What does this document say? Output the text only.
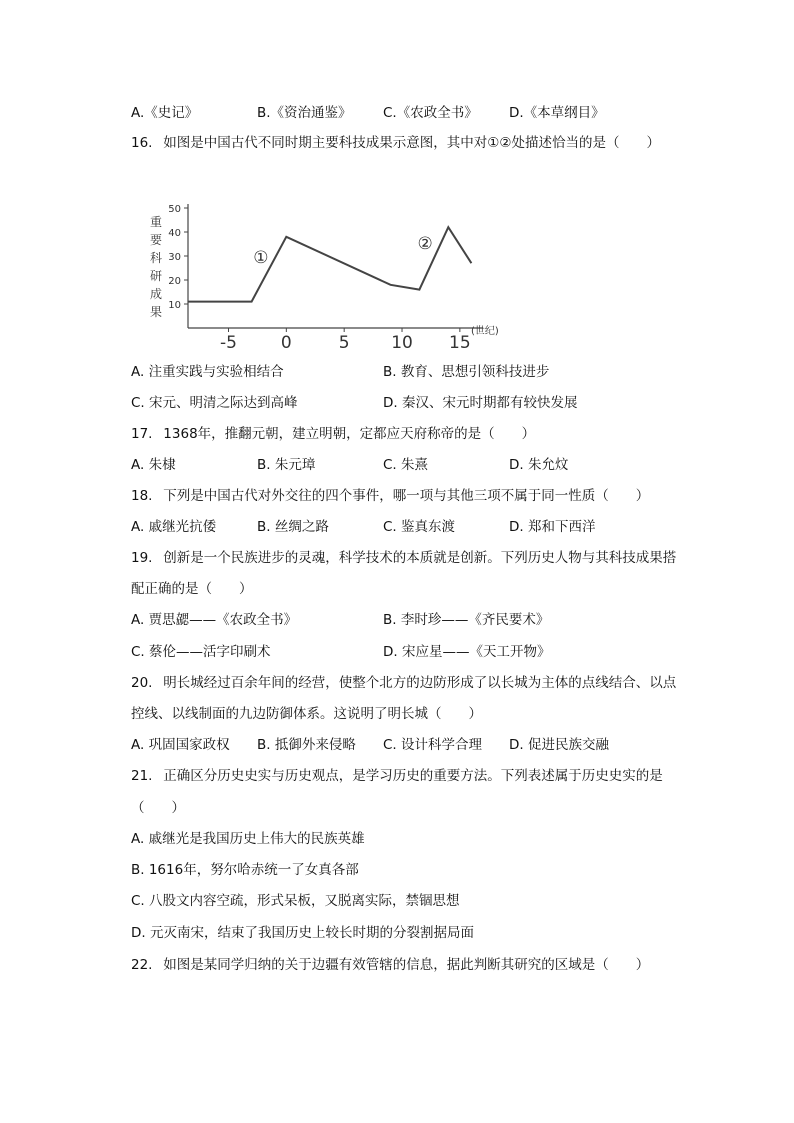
A.《史记》	B.《资治通鉴》 C.《农政全书》 D.《本草纲目》
16. 如图是中国古代不同时期主要科技成果示意图，其中对①②处描述恰当的是（　　）
10
20
30
40
50
-5	0	5 10 15
(世纪)
重
要
科
研
成
果
①
②
A. 注重实践与实验相结合	B. 教育、思想引领科技进步
C. 宋元、明清之际达到高峰	D. 秦汉、宋元时期都有较快发展
17. 1368年，推翻元朝，建立明朝，定都应天府称帝的是（　　）
A. 朱棣	B. 朱元璋	C. 朱熹	D. 朱允炆
18. 下列是中国古代对外交往的四个事件，哪一项与其他三项不属于同一性质（　　）
A. 戚继光抗倭	B. 丝绸之路	C. 鉴真东渡	D. 郑和下西洋
19. 创新是一个民族进步的灵魂，科学技术的本质就是创新。下列历史人物与其科技成果搭
配正确的是（　　）
A. 贾思勰——《农政全书》	B. 李时珍——《齐民要术》
C. 蔡伦——活字印刷术	D. 宋应星——《天工开物》
20. 明长城经过百余年间的经营，使整个北方的边防形成了以长城为主体的点线结合、以点
控线、以线制面的九边防御体系。这说明了明长城（　　）
A. 巩固国家政权 B. 抵御外来侵略 C. 设计科学合理 D. 促进民族交融
21. 正确区分历史史实与历史观点，是学习历史的重要方法。下列表述属于历史史实的是
（　　）
A. 戚继光是我国历史上伟大的民族英雄
B. 1616年，努尔哈赤统一了女真各部
C. 八股文内容空疏，形式呆板，又脱离实际，禁锢思想
D. 元灭南宋，结束了我国历史上较长时期的分裂割据局面
22. 如图是某同学归纳的关于边疆有效管辖的信息，据此判断其研究的区域是（　　）
